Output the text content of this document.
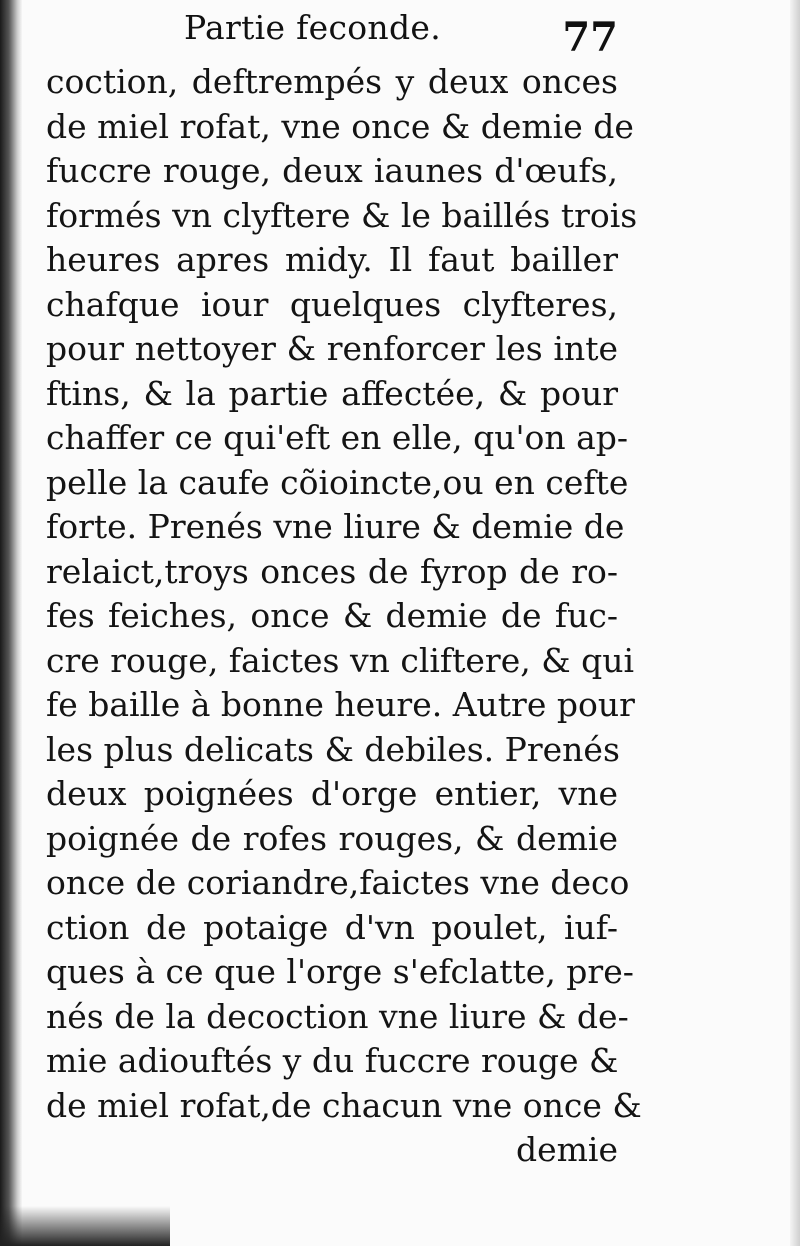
Partie feconde.	77
coction, deftrempés y deux onces
de miel rofat, vne once & demie de
fuccre rouge, deux iaunes d'œufs,
formés vn clyftere & le baillés trois
heures apres midy. Il faut bailler
chafque iour quelques clyfteres,
pour nettoyer & renforcer les inte
ftins, & la partie affectée, & pour
chaffer ce qui'eft en elle, qu'on ap-
pelle la caufe cõioincte,ou en cefte
forte. Prenés vne liure & demie de
relaict,troys onces de fyrop de ro-
fes feiches, once & demie de fuc-
cre rouge, faictes vn cliftere, & qui
fe baille à bonne heure. Autre pour
les plus delicats & debiles. Prenés
deux poignées d'orge entier, vne
poignée de rofes rouges, & demie
once de coriandre,faictes vne deco
ction de potaige d'vn poulet, iuf-
ques à ce que l'orge s'efclatte, pre-
nés de la decoction vne liure & de-
mie adiouftés y du fuccre rouge &
de miel rofat,de chacun vne once &
demie
